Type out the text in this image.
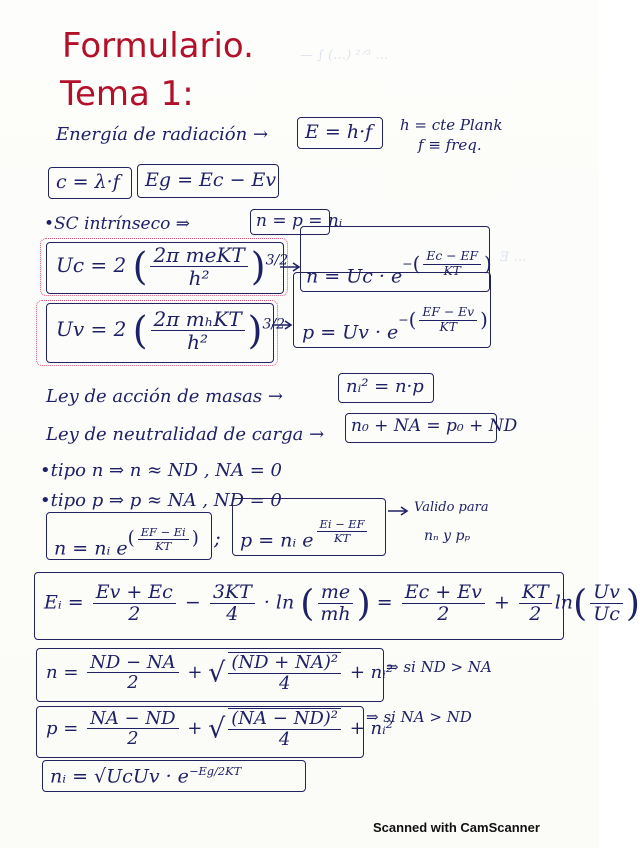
— ∫ (…) ²ᐟ³ …
Ǝ …
Formulario.
Tema 1:
Energía de radiación → E = h·f h = cte Plank
f ≡ freq.
c = λ·f Eg = Ec − Ev
•SC intrínseco ⇒	n = p = nᵢ
Uc = 2 ( $\frac{\text{2π meKT}}{\text{h²}} )^{3/2}$
$n = Uc \cdot e^{-( \frac{Ec - EF}{KT} )}$
Uv = 2 ( $\frac{\text{2π mₕKT}}{\text{h²}} )^{3/2}$ $p = Uv \cdot e^{-( \frac{EF - Ev}{KT} )}$
Ley de acción de masas →	nᵢ² = n·p
Ley de neutralidad de carga → n₀ + NA = p₀ + ND
•tipo n ⇒ n ≈ ND , NA = 0
•tipo p ⇒ p ≈ NA , ND = 0
n = nᵢ $e^{( \frac{EF - Ei}{KT} )}$ ; p = nᵢ e $^{\frac{Ei - EF}{KT}}$
Valido para
nₙ y pₚ
Eᵢ = $\frac{Ev + Ec}{2} - \frac{3KT}{4} \cdot \ln$ ( $\frac{me}{mh}$ ) = $\frac{Ec + Ev}{2} + \frac{KT}{2} \ln( \frac{Uv}{Uc}$ )
$n = \frac{ND - NA}{2}$ + √ $\frac{\text{(ND + NA)²}}{4}$ + nᵢ²
⇒ si ND > NA
$p = \frac{NA - ND}{2}$ + √ $\frac{\text{(NA − ND)²}}{4}$ + nᵢ²
⇒ si NA > ND
nᵢ = √UcUv · $e^{-Eg/2KT}$
Scanned with CamScanner
